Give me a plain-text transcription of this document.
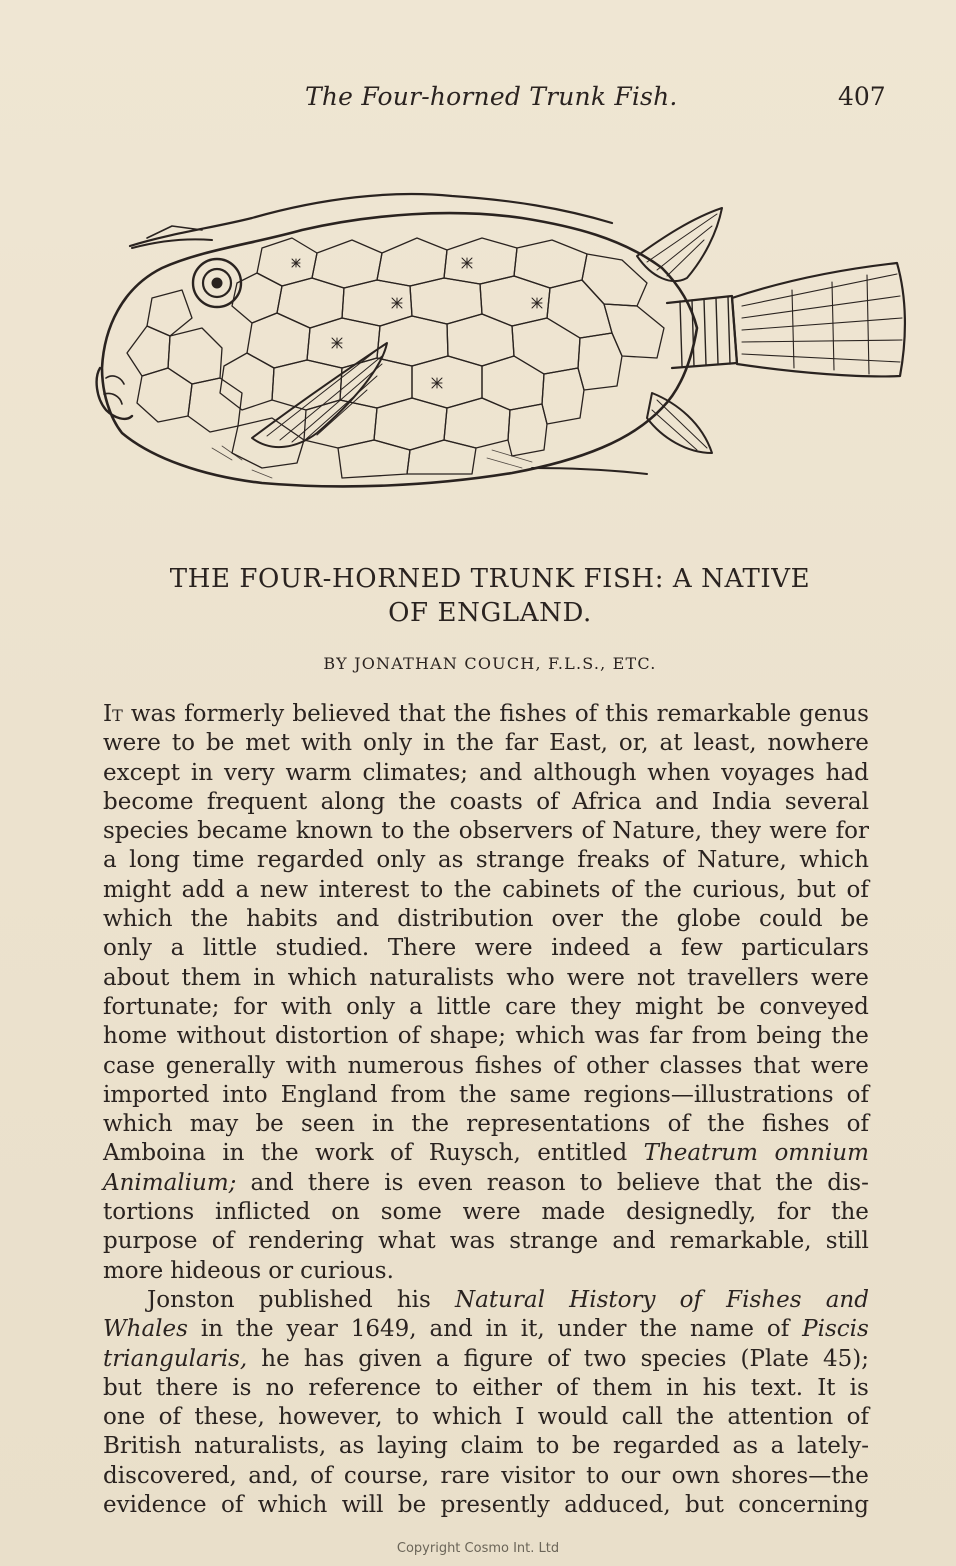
The Four-horned Trunk Fish.	407
THE FOUR-HORNED TRUNK FISH: A NATIVE
OF ENGLAND.
BY JONATHAN COUCH, F.L.S., ETC.
It was formerly believed that the fishes of this remarkable genus
were to be met with only in the far East, or, at least, nowhere
except in very warm climates; and although when voyages had
become frequent along the coasts of Africa and India several
species became known to the observers of Nature, they were for
a long time regarded only as strange freaks of Nature, which
might add a new interest to the cabinets of the curious, but of
which the habits and distribution over the globe could be
only a little studied. There were indeed a few particulars
about them in which naturalists who were not travellers were
fortunate; for with only a little care they might be conveyed
home without distortion of shape; which was far from being the
case generally with numerous fishes of other classes that were
imported into England from the same regions—illustrations of
which may be seen in the representations of the fishes of
Amboina in the work of Ruysch, entitled Theatrum omnium
Animalium; and there is even reason to believe that the dis-
tortions inflicted on some were made designedly, for the
purpose of rendering what was strange and remarkable, still
more hideous or curious.
Jonston published his Natural History of Fishes and
Whales in the year 1649, and in it, under the name of Piscis
triangularis, he has given a figure of two species (Plate 45);
but there is no reference to either of them in his text. It is
one of these, however, to which I would call the attention of
British naturalists, as laying claim to be regarded as a lately-
discovered, and, of course, rare visitor to our own shores—the
evidence of which will be presently adduced, but concerning
Copyright Cosmo Int. Ltd
